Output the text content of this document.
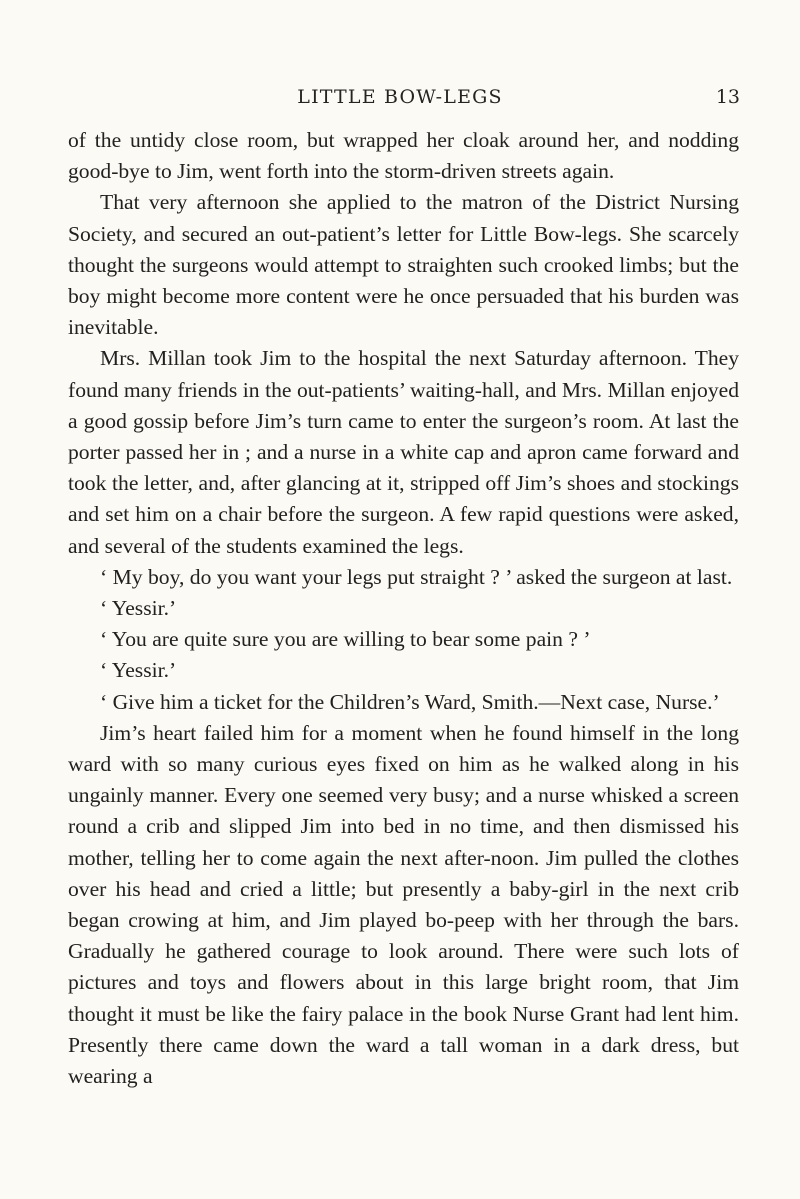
LITTLE BOW-LEGS	13

of the untidy close room, but wrapped her cloak around her, and nodding good-bye to Jim, went forth into the storm-driven streets again.

That very afternoon she applied to the matron of the District Nursing Society, and secured an out-patient’s letter for Little Bow-legs. She scarcely thought the surgeons would attempt to straighten such crooked limbs; but the boy might become more content were he once persuaded that his burden was inevitable.

Mrs. Millan took Jim to the hospital the next Saturday afternoon. They found many friends in the out-patients’ waiting-hall, and Mrs. Millan enjoyed a good gossip before Jim’s turn came to enter the surgeon’s room. At last the porter passed her in ; and a nurse in a white cap and apron came forward and took the letter, and, after glancing at it, stripped off Jim’s shoes and stockings and set him on a chair before the surgeon. A few rapid questions were asked, and several of the students examined the legs.

‘ My boy, do you want your legs put straight ? ’ asked the surgeon at last.

‘ Yessir.’

‘ You are quite sure you are willing to bear some pain ? ’

‘ Yessir.’

‘ Give him a ticket for the Children’s Ward, Smith.—Next case, Nurse.’

Jim’s heart failed him for a moment when he found himself in the long ward with so many curious eyes fixed on him as he walked along in his ungainly manner. Every one seemed very busy; and a nurse whisked a screen round a crib and slipped Jim into bed in no time, and then dismissed his mother, telling her to come again the next after-noon. Jim pulled the clothes over his head and cried a little; but presently a baby-girl in the next crib began crowing at him, and Jim played bo-peep with her through the bars. Gradually he gathered courage to look around. There were such lots of pictures and toys and flowers about in this large bright room, that Jim thought it must be like the fairy palace in the book Nurse Grant had lent him. Presently there came down the ward a tall woman in a dark dress, but wearing a
